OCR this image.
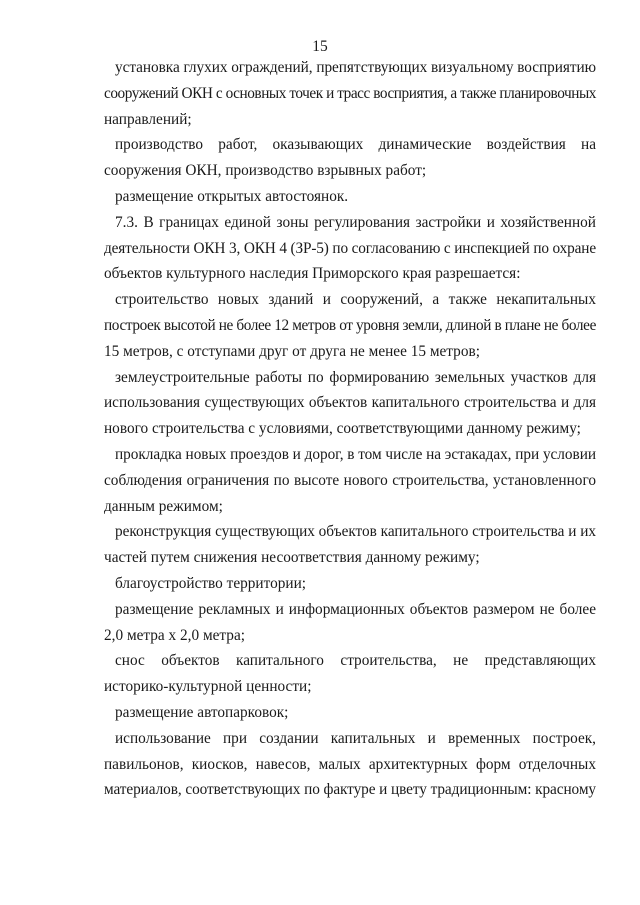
15
установка глухих ограждений, препятствующих визуальному восприятию
сооружений ОКН с основных точек и трасс восприятия, а также планировочных
направлений;
производство работ, оказывающих динамические воздействия на
сооружения ОКН, производство взрывных работ;
размещение открытых автостоянок.
7.3. В границах единой зоны регулирования застройки и хозяйственной
деятельности ОКН 3, ОКН 4 (ЗР-5) по согласованию с инспекцией по охране
объектов культурного наследия Приморского края разрешается:
строительство новых зданий и сооружений, а также некапитальных
построек высотой не более 12 метров от уровня земли, длиной в плане не более
15 метров, с отступами друг от друга не менее 15 метров;
землеустроительные работы по формированию земельных участков для
использования существующих объектов капитального строительства и для
нового строительства с условиями, соответствующими данному режиму;
прокладка новых проездов и дорог, в том числе на эстакадах, при условии
соблюдения ограничения по высоте нового строительства, установленного
данным режимом;
реконструкция существующих объектов капитального строительства и их
частей путем снижения несоответствия данному режиму;
благоустройство территории;
размещение рекламных и информационных объектов размером не более
2,0 метра х 2,0 метра;
снос объектов капитального строительства, не представляющих
историко-культурной ценности;
размещение автопарковок;
использование при создании капитальных и временных построек,
павильонов, киосков, навесов, малых архитектурных форм отделочных
материалов, соответствующих по фактуре и цвету традиционным: красному
